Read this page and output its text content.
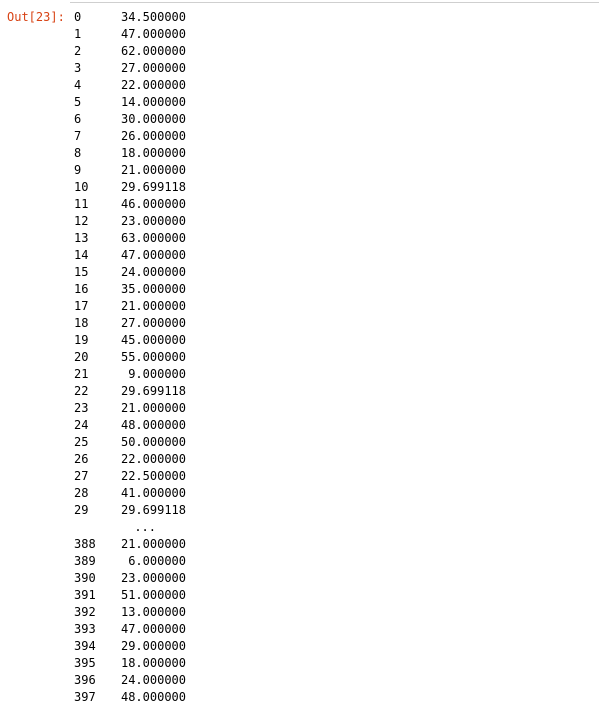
Out[23]: 0	34.500000
1	47.000000
2	62.000000
3	27.000000
4	22.000000
5	14.000000
6	30.000000
7	26.000000
8	18.000000
9	21.000000
10	29.699118
11	46.000000
12	23.000000
13	63.000000
14	47.000000
15	24.000000
16	35.000000
17	21.000000
18	27.000000
19	45.000000
20	55.000000
21	9.000000
22	29.699118
23	21.000000
24	48.000000
25	50.000000
26	22.000000
27	22.500000
28	41.000000
29	29.699118
...
388	21.000000
389	6.000000
390	23.000000
391	51.000000
392	13.000000
393	47.000000
394	29.000000
395	18.000000
396	24.000000
397	48.000000
